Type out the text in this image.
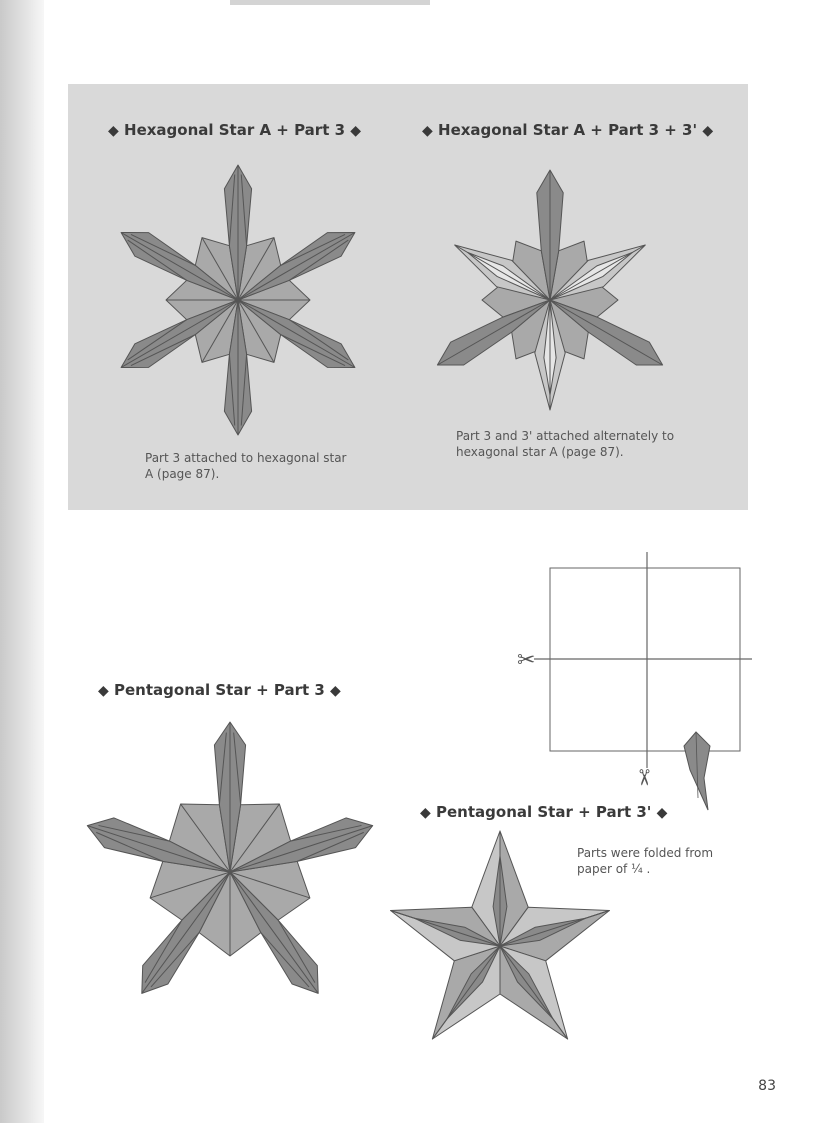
◆ Hexagonal Star A + Part 3 ◆	◆ Hexagonal Star A + Part 3 + 3' ◆
◆ Pentagonal Star + Part 3 ◆
◆ Pentagonal Star + Part 3' ◆
Part 3 attached to hexagonal star A (page 87).
Part 3 and 3' attached alternately to hexagonal star A (page 87).
Parts were folded from paper of ¼ .
✂
✂
83
